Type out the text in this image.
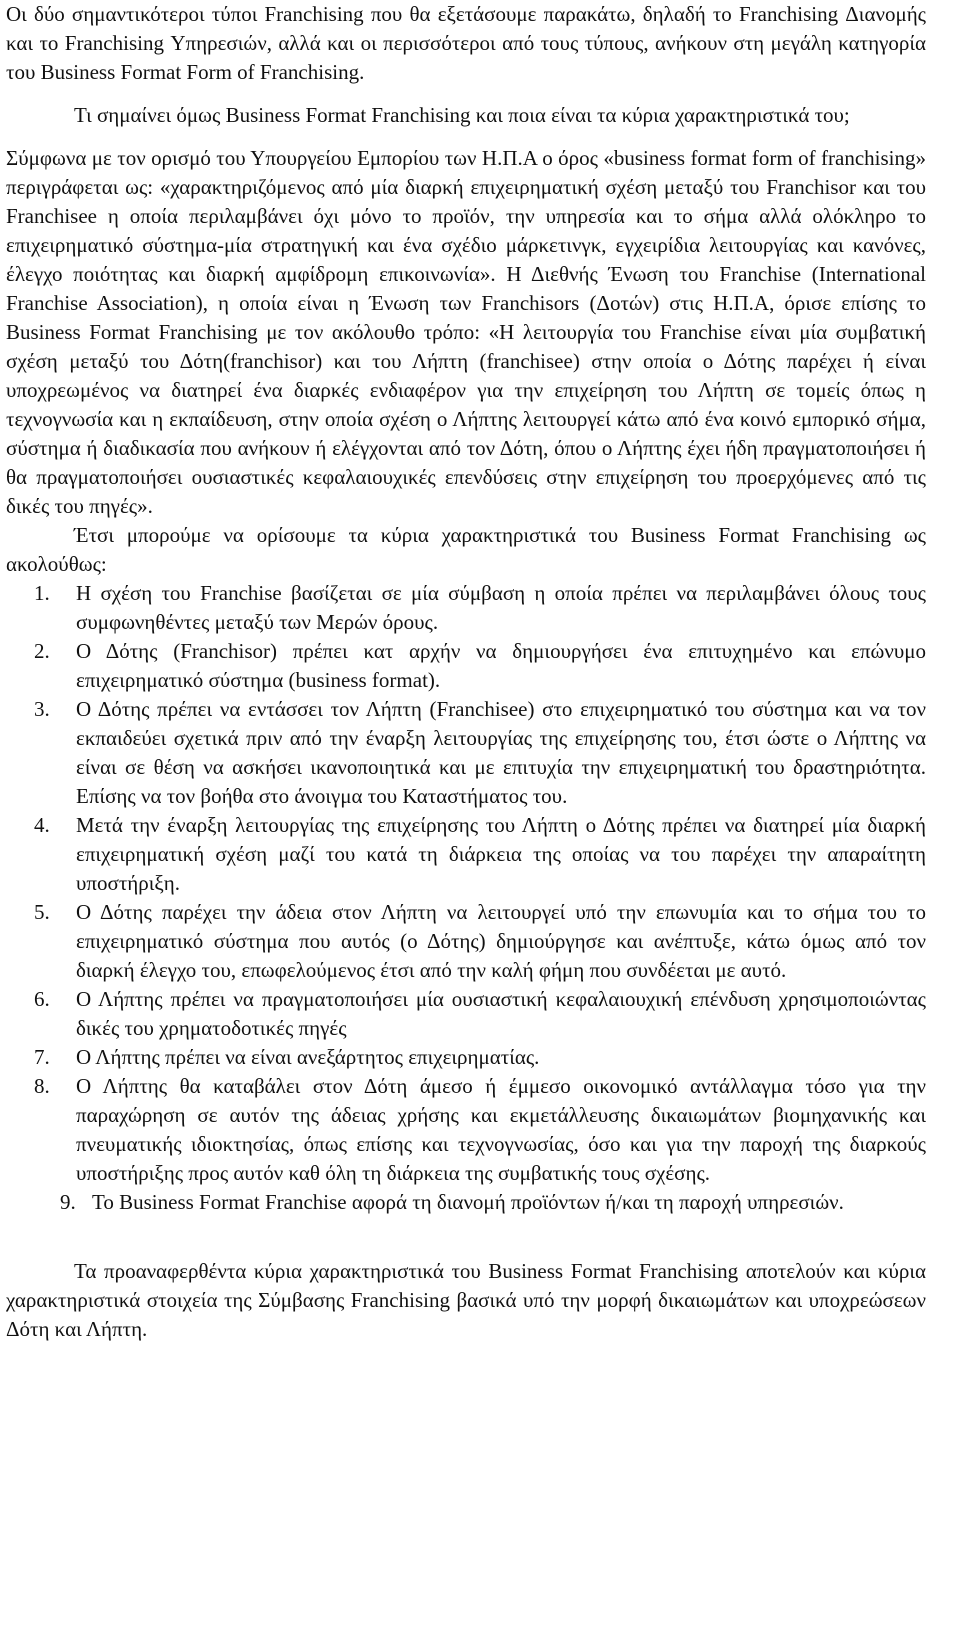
Οι δύο σημαντικότεροι τύποι Franchising που θα εξετάσουμε παρακάτω, δηλαδή το Franchising Διανομής και το Franchising Υπηρεσιών, αλλά και οι περισσότεροι από τους τύπους, ανήκουν στη μεγάλη κατηγορία του Business Format Form of Franchising.

Τι σημαίνει όμως Business Format Franchising και ποια είναι τα κύρια χαρακτηριστικά του;

Σύμφωνα με τον ορισμό του Υπουργείου Εμπορίου των Η.Π.Α ο όρος «business format form of franchising» περιγράφεται ως: «χαρακτηριζόμενος από μία διαρκή επιχειρηματική σχέση μεταξύ του Franchisor και του Franchisee η οποία περιλαμβάνει όχι μόνο το προϊόν, την υπηρεσία και το σήμα αλλά ολόκληρο το επιχειρηματικό σύστημα-μία στρατηγική και ένα σχέδιο μάρκετινγκ, εγχειρίδια λειτουργίας και κανόνες, έλεγχο ποιότητας και διαρκή αμφίδρομη επικοινωνία». Η Διεθνής Ένωση του Franchise (International Franchise Association), η οποία είναι η Ένωση των Franchisors (Δοτών) στις Η.Π.Α, όρισε επίσης το Business Format Franchising με τον ακόλουθο τρόπο: «Η λειτουργία του Franchise είναι μία συμβατική σχέση μεταξύ του Δότη(franchisor) και του Λήπτη (franchisee) στην οποία ο Δότης παρέχει ή είναι υποχρεωμένος να διατηρεί ένα διαρκές ενδιαφέρον για την επιχείρηση του Λήπτη σε τομείς όπως η τεχνογνωσία και η εκπαίδευση, στην οποία σχέση ο Λήπτης λειτουργεί κάτω από ένα κοινό εμπορικό σήμα, σύστημα ή διαδικασία που ανήκουν ή ελέγχονται από τον Δότη, όπου ο Λήπτης έχει ήδη πραγματοποιήσει ή θα πραγματοποιήσει ουσιαστικές κεφαλαιουχικές επενδύσεις στην επιχείρηση του προερχόμενες από τις δικές του πηγές».

Έτσι μπορούμε να ορίσουμε τα κύρια χαρακτηριστικά του Business Format Franchising ως ακολούθως:

1. Η σχέση του Franchise βασίζεται σε μία σύμβαση η οποία πρέπει να περιλαμβάνει όλους τους συμφωνηθέντες μεταξύ των Μερών όρους.
2. Ο Δότης (Franchisor) πρέπει κατ αρχήν να δημιουργήσει ένα επιτυχημένο και επώνυμο επιχειρηματικό σύστημα (business format).
3. Ο Δότης πρέπει να εντάσσει τον Λήπτη (Franchisee) στο επιχειρηματικό του σύστημα και να τον εκπαιδεύει σχετικά πριν από την έναρξη λειτουργίας της επιχείρησης του, έτσι ώστε ο Λήπτης να είναι σε θέση να ασκήσει ικανοποιητικά και με επιτυχία την επιχειρηματική του δραστηριότητα. Επίσης να τον βοήθα στο άνοιγμα του Καταστήματος του.
4. Μετά την έναρξη λειτουργίας της επιχείρησης του Λήπτη ο Δότης πρέπει να διατηρεί μία διαρκή επιχειρηματική σχέση μαζί του κατά τη διάρκεια της οποίας να του παρέχει την απαραίτητη υποστήριξη.
5. Ο Δότης παρέχει την άδεια στον Λήπτη να λειτουργεί υπό την επωνυμία και το σήμα του το επιχειρηματικό σύστημα που αυτός (ο Δότης) δημιούργησε και ανέπτυξε, κάτω όμως από τον διαρκή έλεγχο του, επωφελούμενος έτσι από την καλή φήμη που συνδέεται με αυτό.
6. Ο Λήπτης πρέπει να πραγματοποιήσει μία ουσιαστική κεφαλαιουχική επένδυση χρησιμοποιώντας δικές του χρηματοδοτικές πηγές
7. Ο Λήπτης πρέπει να είναι ανεξάρτητος επιχειρηματίας.
8. Ο Λήπτης θα καταβάλει στον Δότη άμεσο ή έμμεσο οικονομικό αντάλλαγμα τόσο για την παραχώρηση σε αυτόν της άδειας χρήσης και εκμετάλλευσης δικαιωμάτων βιομηχανικής και πνευματικής ιδιοκτησίας, όπως επίσης και τεχνογνωσίας, όσο και για την παροχή της διαρκούς υποστήριξης προς αυτόν καθ όλη τη διάρκεια της συμβατικής τους σχέσης.
9. Το Business Format Franchise αφορά τη διανομή προϊόντων ή/και τη παροχή υπηρεσιών.

Τα προαναφερθέντα κύρια χαρακτηριστικά του Business Format Franchising αποτελούν και κύρια χαρακτηριστικά στοιχεία της Σύμβασης Franchising βασικά υπό την μορφή δικαιωμάτων και υποχρεώσεων Δότη και Λήπτη.
